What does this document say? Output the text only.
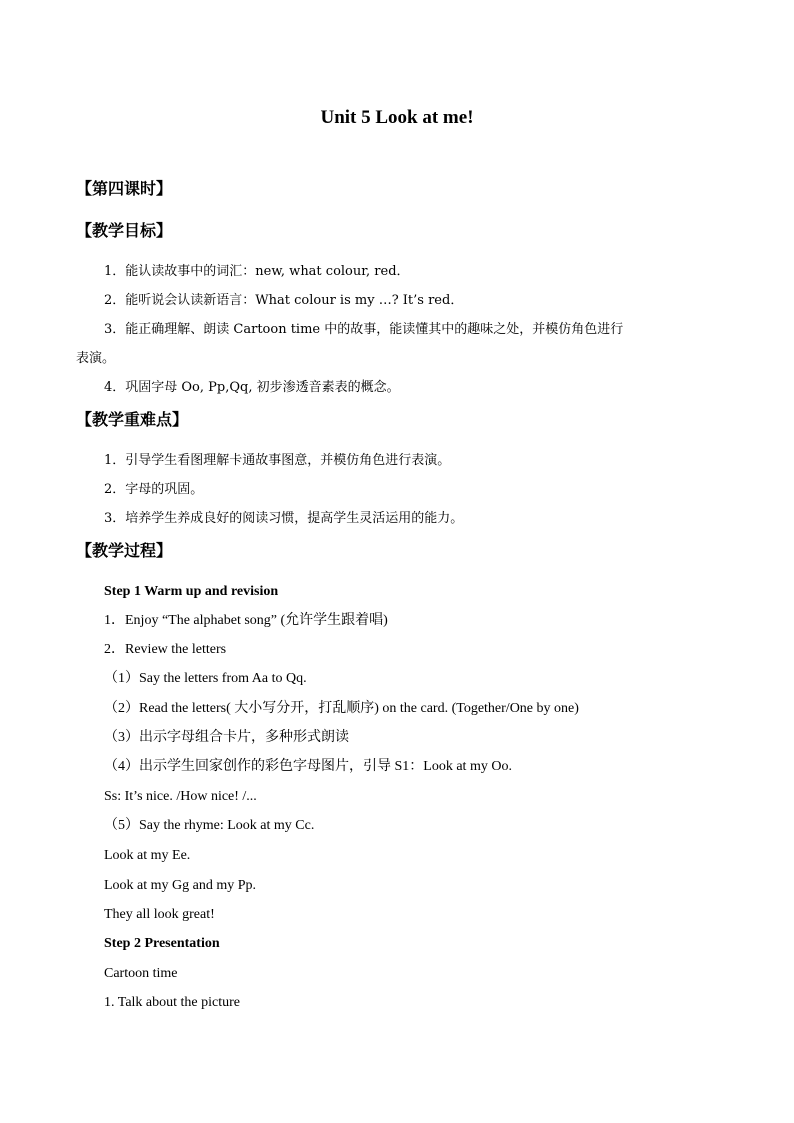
Unit 5 Look at me!
【第四课时】
【教学目标】
1．能认读故事中的词汇：new, what colour, red．
2．能听说会认读新语言：What colour is my …? It’s red．
3．能正确理解、朗读 Cartoon time 中的故事，能读懂其中的趣味之处，并模仿角色进行
表演。
4．巩固字母 Oo, Pp,Qq, 初步渗透音素表的概念。
【教学重难点】
1．引导学生看图理解卡通故事图意，并模仿角色进行表演。
2．字母的巩固。
3．培养学生养成良好的阅读习惯，提高学生灵活运用的能力。
【教学过程】
Step 1 Warm up and revision
1．Enjoy “The alphabet song” (允许学生跟着唱)
2．Review the letters
（1）Say the letters from Aa to Qq.
（2）Read the letters( 大小写分开，打乱顺序) on the card. (Together/One by one)
（3）出示字母组合卡片，多种形式朗读
（4）出示学生回家创作的彩色字母图片，引导 S1：Look at my Oo.
Ss: It’s nice. /How nice! /...
（5）Say the rhyme: Look at my Cc.
Look at my Ee.
Look at my Gg and my Pp.
They all look great!
Step 2 Presentation
Cartoon time
1. Talk about the picture
